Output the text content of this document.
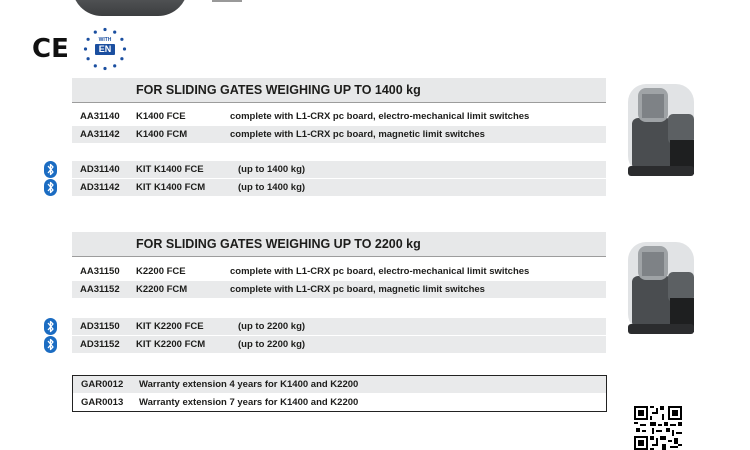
CE	WITH
EN
FOR SLIDING GATES WEIGHING UP TO 1400 kg
AA31140 K1400 FCE	complete with L1-CRX pc board, electro-mechanical limit switches
AA31142 K1400 FCM	complete with L1-CRX pc board, magnetic limit switches
AD31140 KIT K1400 FCE	(up to 1400 kg)
AD31142 KIT K1400 FCM	(up to 1400 kg)
FOR SLIDING GATES WEIGHING UP TO 2200 kg
AA31150 K2200 FCE	complete with L1-CRX pc board, electro-mechanical limit switches
AA31152 K2200 FCM	complete with L1-CRX pc board, magnetic limit switches
AD31150 KIT K2200 FCE	(up to 2200 kg)
AD31152 KIT K2200 FCM	(up to 2200 kg)
GAR0012 Warranty extension 4 years for K1400 and K2200
GAR0013 Warranty extension 7 years for K1400 and K2200
